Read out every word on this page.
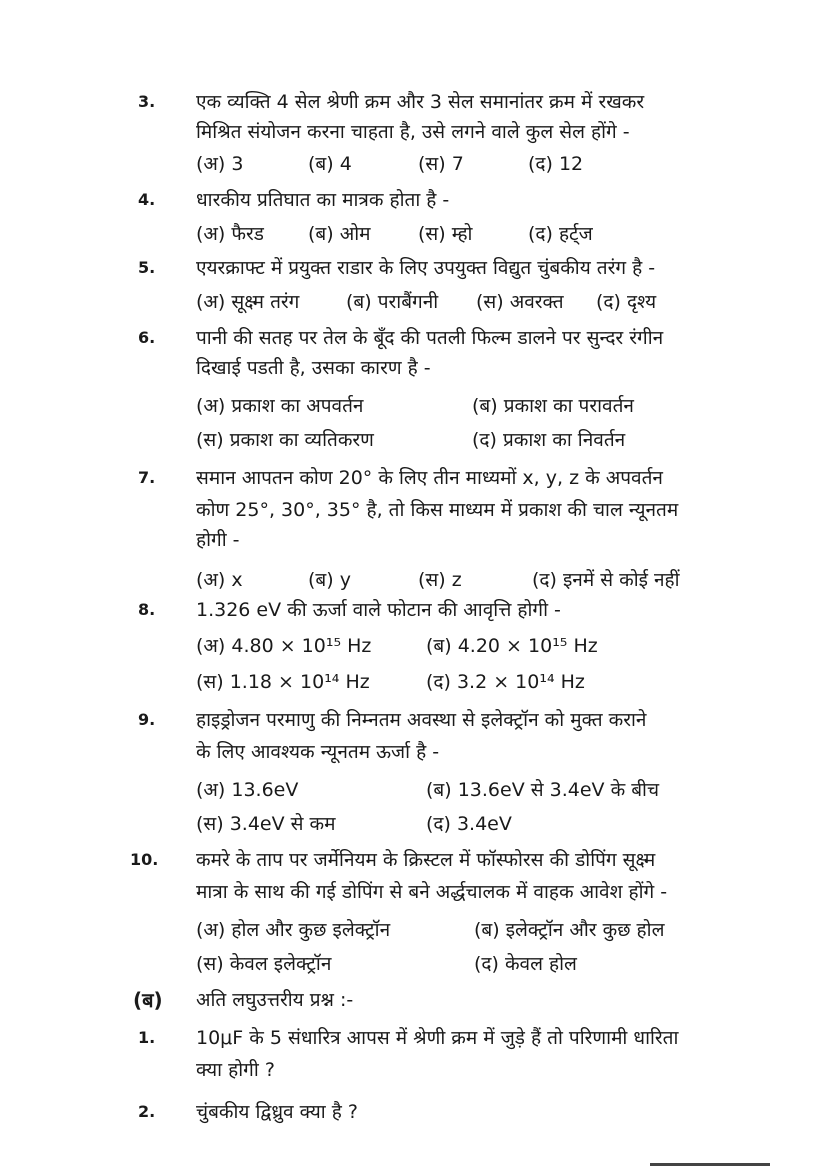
3.	एक व्यक्ति 4 सेल श्रेणी क्रम और 3 सेल समानांतर क्रम में रखकर
मिश्रित संयोजन करना चाहता है, उसे लगने वाले कुल सेल होंगे -
(अ) 3	(ब) 4	(स) 7	(द) 12
4.	धारकीय प्रतिघात का मात्रक होता है -
(अ) फैरड (ब) ओम (स) म्हो	(द) हर्ट्ज
5.	एयरक्राफ्ट में प्रयुक्त राडार के लिए उपयुक्त विद्युत चुंबकीय तरंग है -
(अ) सूक्ष्म तरंग (ब) पराबैंगनी (स) अवरक्त (द) दृश्य
6.	पानी की सतह पर तेल के बूँद की पतली फिल्म डालने पर सुन्दर रंगीन
दिखाई पडती है, उसका कारण है -
(अ) प्रकाश का अपवर्तन	(ब) प्रकाश का परावर्तन
(स) प्रकाश का व्यतिकरण	(द) प्रकाश का निवर्तन
7.	समान आपतन कोण 20° के लिए तीन माध्यमों x, y, z के अपवर्तन
कोण 25°, 30°, 35° है, तो किस माध्यम में प्रकाश की चाल न्यूनतम
होगी -
(अ) x	(ब) y	(स) z	(द) इनमें से कोई नहीं
8.	1.326 eV की ऊर्जा वाले फोटान की आवृत्ति होगी -
(अ) 4.80 × 10¹⁵ Hz	(ब) 4.20 × 10¹⁵ Hz
(स) 1.18 × 10¹⁴ Hz	(द) 3.2 × 10¹⁴ Hz
9.	हाइड्रोजन परमाणु की निम्नतम अवस्था से इलेक्ट्रॉन को मुक्त कराने
के लिए आवश्यक न्यूनतम ऊर्जा है -
(अ) 13.6eV	(ब) 13.6eV से 3.4eV के बीच
(स) 3.4eV से कम	(द) 3.4eV
10.	कमरे के ताप पर जर्मेनियम के क्रिस्टल में फॉस्फोरस की डोपिंग सूक्ष्म
मात्रा के साथ की गई डोपिंग से बने अर्द्धचालक में वाहक आवेश होंगे -
(अ) होल और कुछ इलेक्ट्रॉन	(ब) इलेक्ट्रॉन और कुछ होल
(स) केवल इलेक्ट्रॉन	(द) केवल होल
(ब) अति लघुउत्तरीय प्रश्न :-
1.	10μF के 5 संधारित्र आपस में श्रेणी क्रम में जुड़े हैं तो परिणामी धारिता
क्या होगी ?
2.	चुंबकीय द्विध्रुव क्या है ?
